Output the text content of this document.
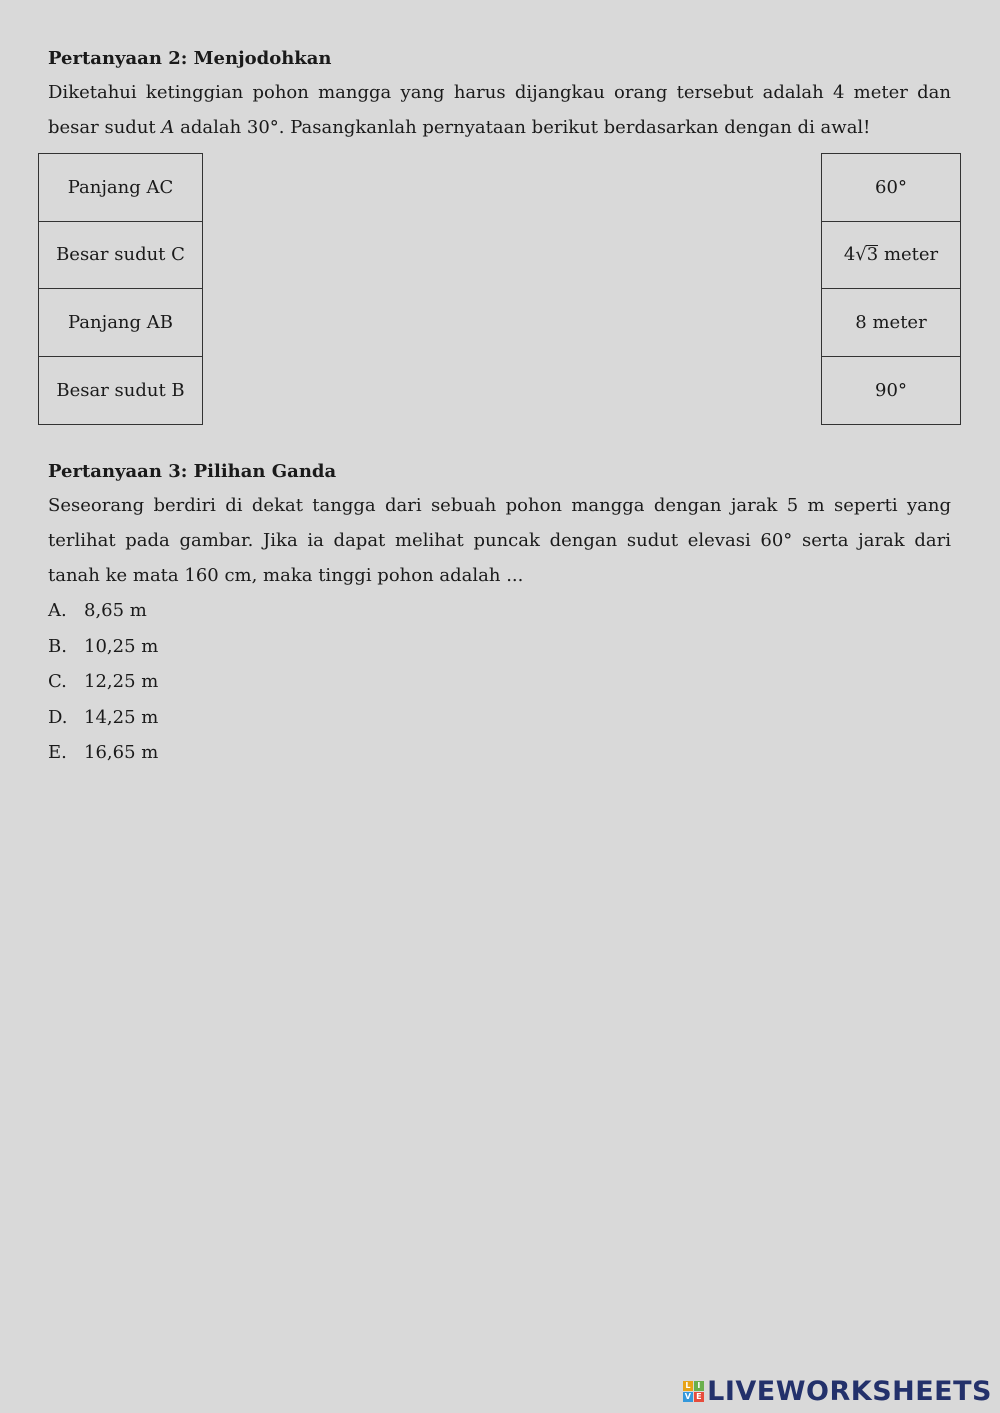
Pertanyaan 2: Menjodohkan

Diketahui ketinggian pohon mangga yang harus dijangkau orang tersebut adalah 4 meter dan besar sudut A adalah 30°. Pasangkanlah pernyataan berikut berdasarkan dengan di awal!

Panjang AC
Besar sudut C
Panjang AB
Besar sudut B
60°
4 √ 3 meter
8 meter
90°

Pertanyaan 3: Pilihan Ganda

Seseorang berdiri di dekat tangga dari sebuah pohon mangga dengan jarak 5 m seperti yang terlihat pada gambar. Jika ia dapat melihat puncak dengan sudut elevasi 60° serta jarak dari tanah ke mata 160 cm, maka tinggi pohon adalah ...

A. 8,65 m
B. 10,25 m
C. 12,25 m
D. 14,25 m
E. 16,65 m
L I
V E LIVEWORKSHEETS
